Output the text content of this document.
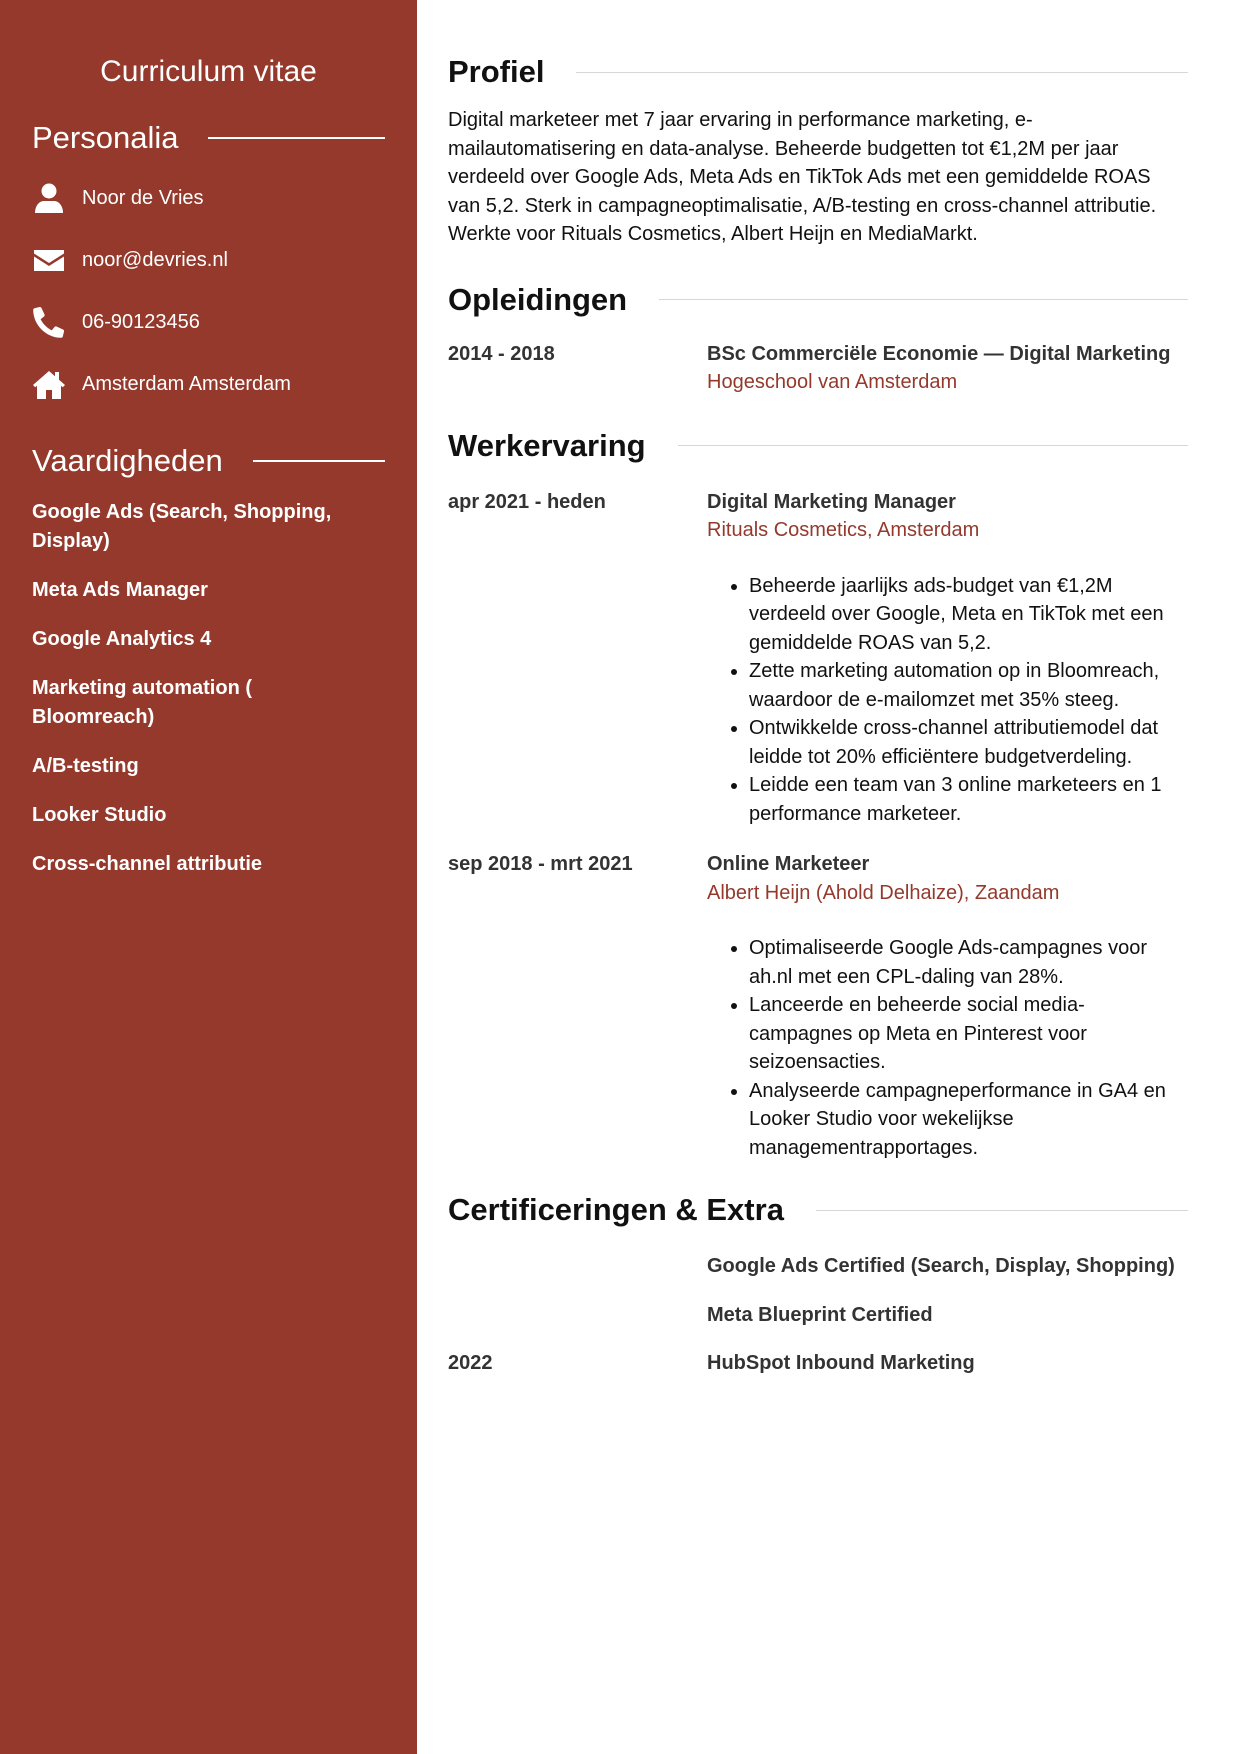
Curriculum vitae
Personalia
Noor de Vries
noor@devries.nl
06-90123456
Amsterdam Amsterdam
Vaardigheden
Google Ads (Search, Shopping, Display)
Meta Ads Manager
Google Analytics 4
Marketing automation ( Bloomreach)
A/B-testing
Looker Studio
Cross-channel attributie
Profiel

Digital marketeer met 7 jaar ervaring in performance marketing, e-mailautomatisering en data-analyse. Beheerde budgetten tot €1,2M per jaar verdeeld over Google Ads, Meta Ads en TikTok Ads met een gemiddelde ROAS van 5,2. Sterk in campagneoptimalisatie, A/B-testing en cross-channel attributie. Werkte voor Rituals Cosmetics, Albert Heijn en MediaMarkt.

Opleidingen
2014 - 2018	BSc Commerciële Economie — Digital Marketing
Hogeschool van Amsterdam
Werkervaring
apr 2021 - heden	Digital Marketing Manager
Rituals Cosmetics, Amsterdam
• Beheerde jaarlijks ads-budget van €1,2M verdeeld over Google, Meta en TikTok met een gemiddelde ROAS van 5,2.
• Zette marketing automation op in Bloomreach, waardoor de e-mailomzet met 35% steeg.
• Ontwikkelde cross-channel attributiemodel dat leidde tot 20% efficiëntere budgetverdeling.
• Leidde een team van 3 online marketeers en 1 performance marketeer.
sep 2018 - mrt 2021	Online Marketeer
Albert Heijn (Ahold Delhaize), Zaandam
• Optimaliseerde Google Ads-campagnes voor ah.nl met een CPL-daling van 28%.
• Lanceerde en beheerde social media-campagnes op Meta en Pinterest voor seizoensacties.
• Analyseerde campagneperformance in GA4 en Looker Studio voor wekelijkse managementrapportages.
Certificeringen & Extra
Google Ads Certified (Search, Display, Shopping)
Meta Blueprint Certified
2022	HubSpot Inbound Marketing
